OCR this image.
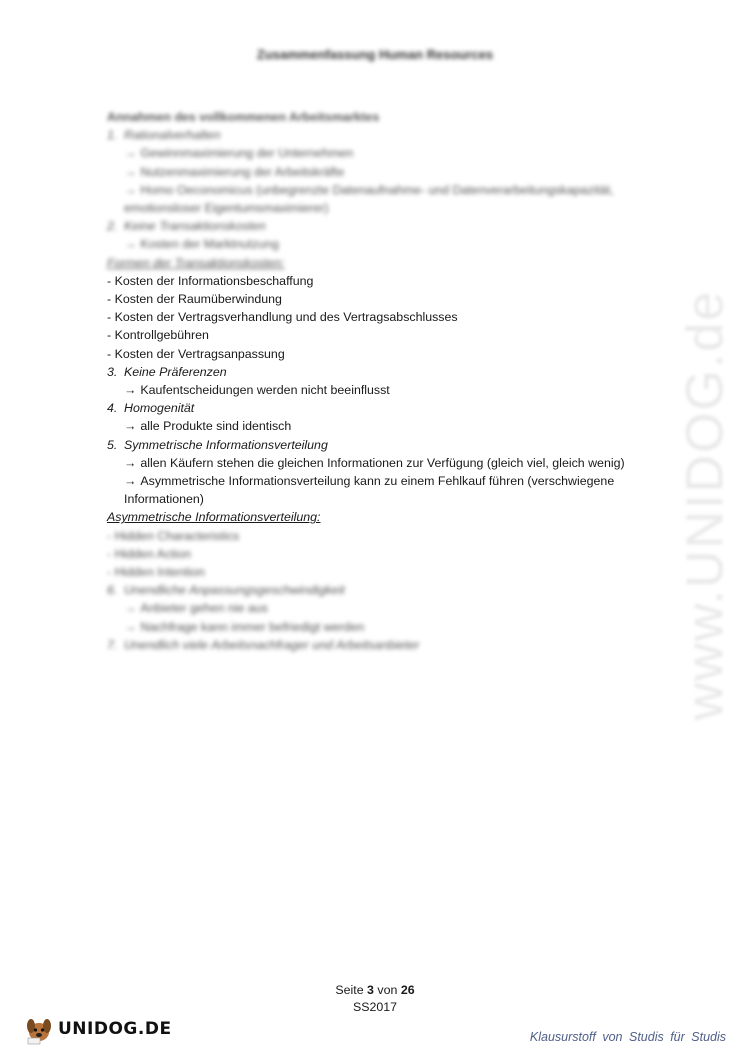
Zusammenfassung Human Resources
Annahmen des vollkommenen Arbeitsmarktes
1. Rationalverhalten
→ Gewinnmaximierung der Unternehmen
→ Nutzenmaximierung der Arbeitskräfte
→ Homo Oeconomicus (unbegrenzte Datenaufnahme- und Datenverarbeitungskapazität, emotionsloser Eigentumsmaximierer)
2. Keine Transaktionskosten
→ Kosten der Marktnutzung
Formen der Transaktionskosten:
- Kosten der Informationsbeschaffung
- Kosten der Raumüberwindung
- Kosten der Vertragsverhandlung und des Vertragsabschlusses
- Kontrollgebühren
- Kosten der Vertragsanpassung
3. Keine Präferenzen
→ Kaufentscheidungen werden nicht beeinflusst
4. Homogenität
→ alle Produkte sind identisch
5. Symmetrische Informationsverteilung
→ allen Käufern stehen die gleichen Informationen zur Verfügung (gleich viel, gleich wenig)
→ Asymmetrische Informationsverteilung kann zu einem Fehlkauf führen (verschwiegene Informationen)
Asymmetrische Informationsverteilung:
- Hidden Characteristics
- Hidden Action
- Hidden Intention
6. Unendliche Anpassungsgeschwindigkeit
→ Anbieter gehen nie aus
→ Nachfrage kann immer befriedigt werden
7. Unendlich viele Arbeitsnachfrager und Arbeitsanbieter	www.UNIDOG.de
Seite 3 von 26
SS2017
UNIDOG.DE	Klausurstoff von Studis für Studis
